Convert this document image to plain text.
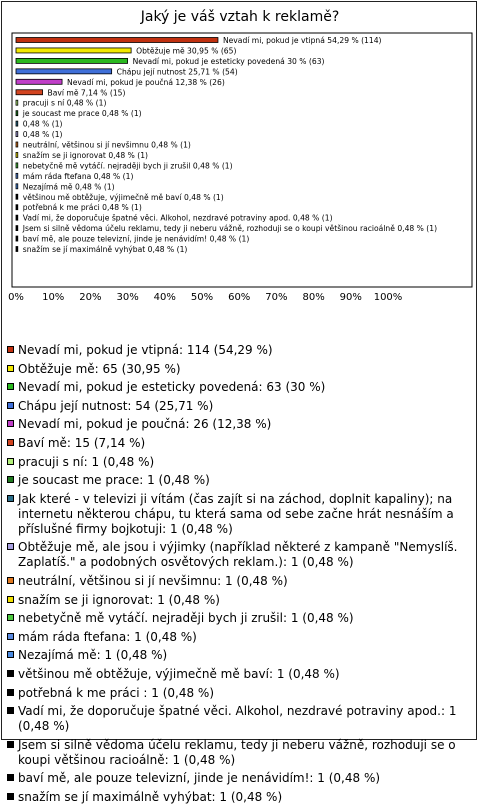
Jaký je váš vztah k reklamě?
Nevadí mi, pokud je vtipná 54,29 % (114)
Obtěžuje mě 30,95 % (65)
Nevadí mi, pokud je esteticky povedená 30 % (63)
Chápu její nutnost 25,71 % (54)
Nevadí mi, pokud je poučná 12,38 % (26)
Baví mě 7,14 % (15)
pracuji s ní 0,48 % (1)
je soucast me prace 0,48 % (1)
0,48 % (1)
0,48 % (1)
neutrální, většinou si jí nevšimnu 0,48 % (1)
snažím se ji ignorovat 0,48 % (1)
nebetyčně mě vytáčí. nejraději bych ji zrušil 0,48 % (1)
mám ráda ftefana 0,48 % (1)
Nezajímá mě 0,48 % (1)
většinou mě obtěžuje, výjimečně mě baví 0,48 % (1)
potřebná k me práci 0,48 % (1)
Vadí mi, že doporučuje špatné věci. Alkohol, nezdravé potraviny apod. 0,48 % (1)
Jsem si silně vědoma účelu reklamu, tedy ji neberu vážně, rozhoduji se o koupi většinou racioálně 0,48 % (1)
baví mě, ale pouze televizní, jinde je nenávidím! 0,48 % (1)
snažím se jí maximálně vyhýbat 0,48 % (1)
0% 10% 20% 30% 40% 50% 60% 70% 80% 90% 100%
Nevadí mi, pokud je vtipná: 114 (54,29 %)
Obtěžuje mě: 65 (30,95 %)
Nevadí mi, pokud je esteticky povedená: 63 (30 %)
Chápu její nutnost: 54 (25,71 %)
Nevadí mi, pokud je poučná: 26 (12,38 %)
Baví mě: 15 (7,14 %)
pracuji s ní: 1 (0,48 %)
je soucast me prace: 1 (0,48 %)
Jak které - v televizi ji vítám (čas zajít si na záchod, doplnit kapaliny); na internetu některou chápu, tu která sama od sebe začne hrát nesnáším a příslušné firmy bojkotuji: 1 (0,48 %)
Obtěžuje mě, ale jsou i výjimky (například některé z kampaně "Nemyslíš. Zaplatíš." a podobných osvětových reklam.): 1 (0,48 %)
neutrální, většinou si jí nevšimnu: 1 (0,48 %)
snažím se ji ignorovat: 1 (0,48 %)
nebetyčně mě vytáčí. nejraději bych ji zrušil: 1 (0,48 %)
mám ráda ftefana: 1 (0,48 %)
Nezajímá mě: 1 (0,48 %)
většinou mě obtěžuje, výjimečně mě baví: 1 (0,48 %)
potřebná k me práci : 1 (0,48 %)
Vadí mi, že doporučuje špatné věci. Alkohol, nezdravé potraviny apod.: 1 (0,48 %)
Jsem si silně vědoma účelu reklamu, tedy ji neberu vážně, rozhoduji se o koupi většinou racioálně: 1 (0,48 %)
baví mě, ale pouze televizní, jinde je nenávidím!: 1 (0,48 %)
snažím se jí maximálně vyhýbat: 1 (0,48 %)
